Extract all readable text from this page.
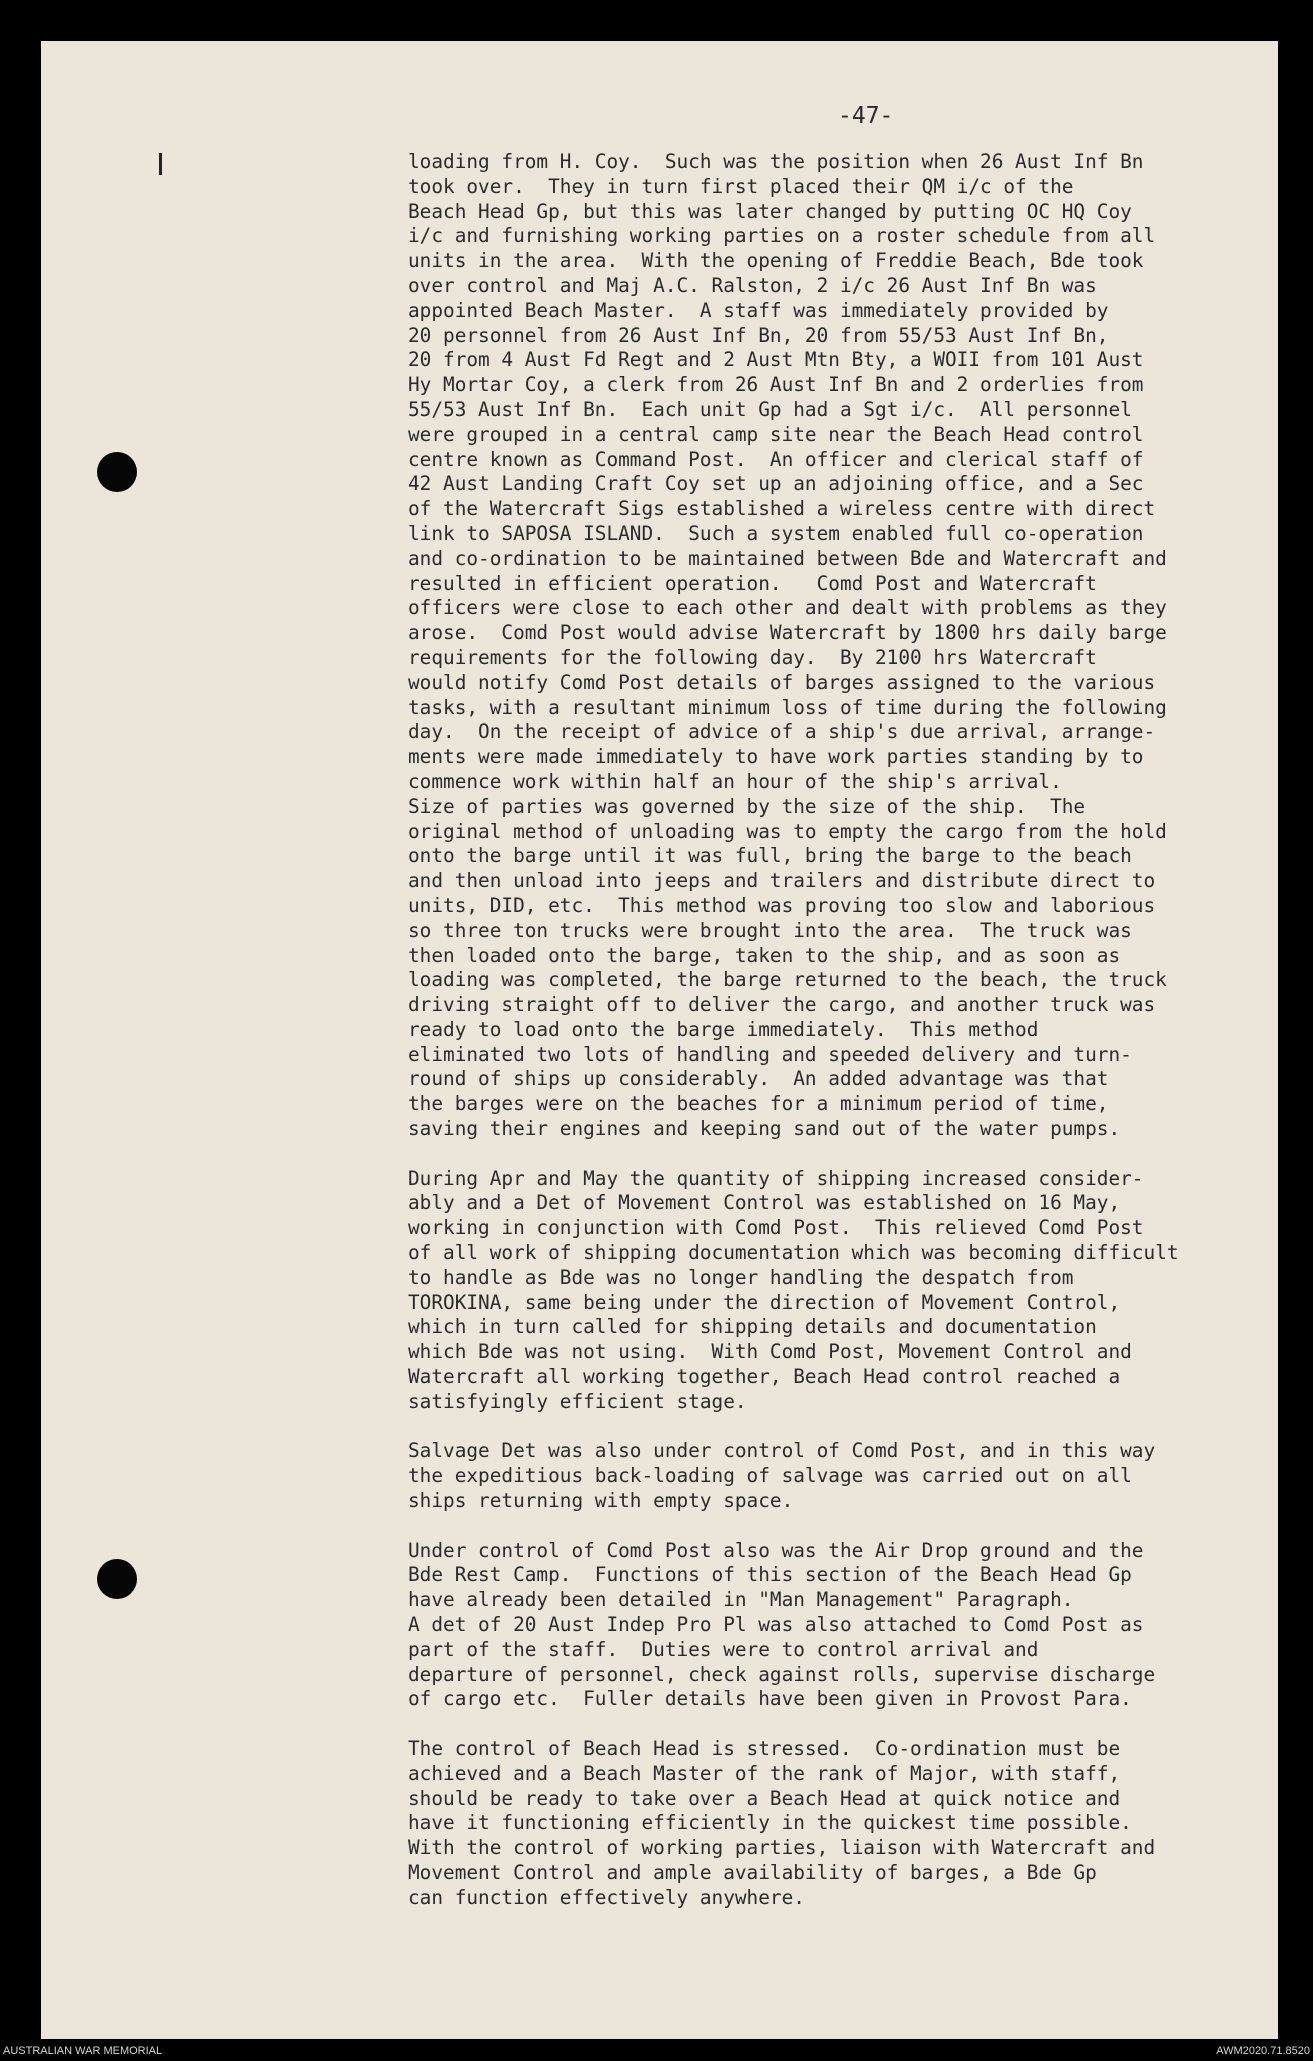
-47-

loading from H. Coy.  Such was the position when 26 Aust Inf Bn
took over.  They in turn first placed their QM i/c of the
Beach Head Gp, but this was later changed by putting OC HQ Coy
i/c and furnishing working parties on a roster schedule from all
units in the area.  With the opening of Freddie Beach, Bde took
over control and Maj A.C. Ralston, 2 i/c 26 Aust Inf Bn was
appointed Beach Master.  A staff was immediately provided by
20 personnel from 26 Aust Inf Bn, 20 from 55/53 Aust Inf Bn,
20 from 4 Aust Fd Regt and 2 Aust Mtn Bty, a WOII from 101 Aust
Hy Mortar Coy, a clerk from 26 Aust Inf Bn and 2 orderlies from
55/53 Aust Inf Bn.  Each unit Gp had a Sgt i/c.  All personnel
were grouped in a central camp site near the Beach Head control
centre known as Command Post.  An officer and clerical staff of
42 Aust Landing Craft Coy set up an adjoining office, and a Sec
of the Watercraft Sigs established a wireless centre with direct
link to SAPOSA ISLAND.  Such a system enabled full co-operation
and co-ordination to be maintained between Bde and Watercraft and
resulted in efficient operation.   Comd Post and Watercraft
officers were close to each other and dealt with problems as they
arose.  Comd Post would advise Watercraft by 1800 hrs daily barge
requirements for the following day.  By 2100 hrs Watercraft
would notify Comd Post details of barges assigned to the various
tasks, with a resultant minimum loss of time during the following
day.  On the receipt of advice of a ship's due arrival, arrange-
ments were made immediately to have work parties standing by to
commence work within half an hour of the ship's arrival.
Size of parties was governed by the size of the ship.  The
original method of unloading was to empty the cargo from the hold
onto the barge until it was full, bring the barge to the beach
and then unload into jeeps and trailers and distribute direct to
units, DID, etc.  This method was proving too slow and laborious
so three ton trucks were brought into the area.  The truck was
then loaded onto the barge, taken to the ship, and as soon as
loading was completed, the barge returned to the beach, the truck
driving straight off to deliver the cargo, and another truck was
ready to load onto the barge immediately.  This method
eliminated two lots of handling and speeded delivery and turn-
round of ships up considerably.  An added advantage was that
the barges were on the beaches for a minimum period of time,
saving their engines and keeping sand out of the water pumps.

During Apr and May the quantity of shipping increased consider-
ably and a Det of Movement Control was established on 16 May,
working in conjunction with Comd Post.  This relieved Comd Post
of all work of shipping documentation which was becoming difficult
to handle as Bde was no longer handling the despatch from
TOROKINA, same being under the direction of Movement Control,
which in turn called for shipping details and documentation
which Bde was not using.  With Comd Post, Movement Control and
Watercraft all working together, Beach Head control reached a
satisfyingly efficient stage.

Salvage Det was also under control of Comd Post, and in this way
the expeditious back-loading of salvage was carried out on all
ships returning with empty space.

Under control of Comd Post also was the Air Drop ground and the
Bde Rest Camp.  Functions of this section of the Beach Head Gp
have already been detailed in "Man Management" Paragraph.
A det of 20 Aust Indep Pro Pl was also attached to Comd Post as
part of the staff.  Duties were to control arrival and
departure of personnel, check against rolls, supervise discharge
of cargo etc.  Fuller details have been given in Provost Para.

The control of Beach Head is stressed.  Co-ordination must be
achieved and a Beach Master of the rank of Major, with staff,
should be ready to take over a Beach Head at quick notice and
have it functioning efficiently in the quickest time possible.
With the control of working parties, liaison with Watercraft and
Movement Control and ample availability of barges, a Bde Gp
can function effectively anywhere.

AUSTRALIAN WAR MEMORIAL	AWM2020.71.8520
